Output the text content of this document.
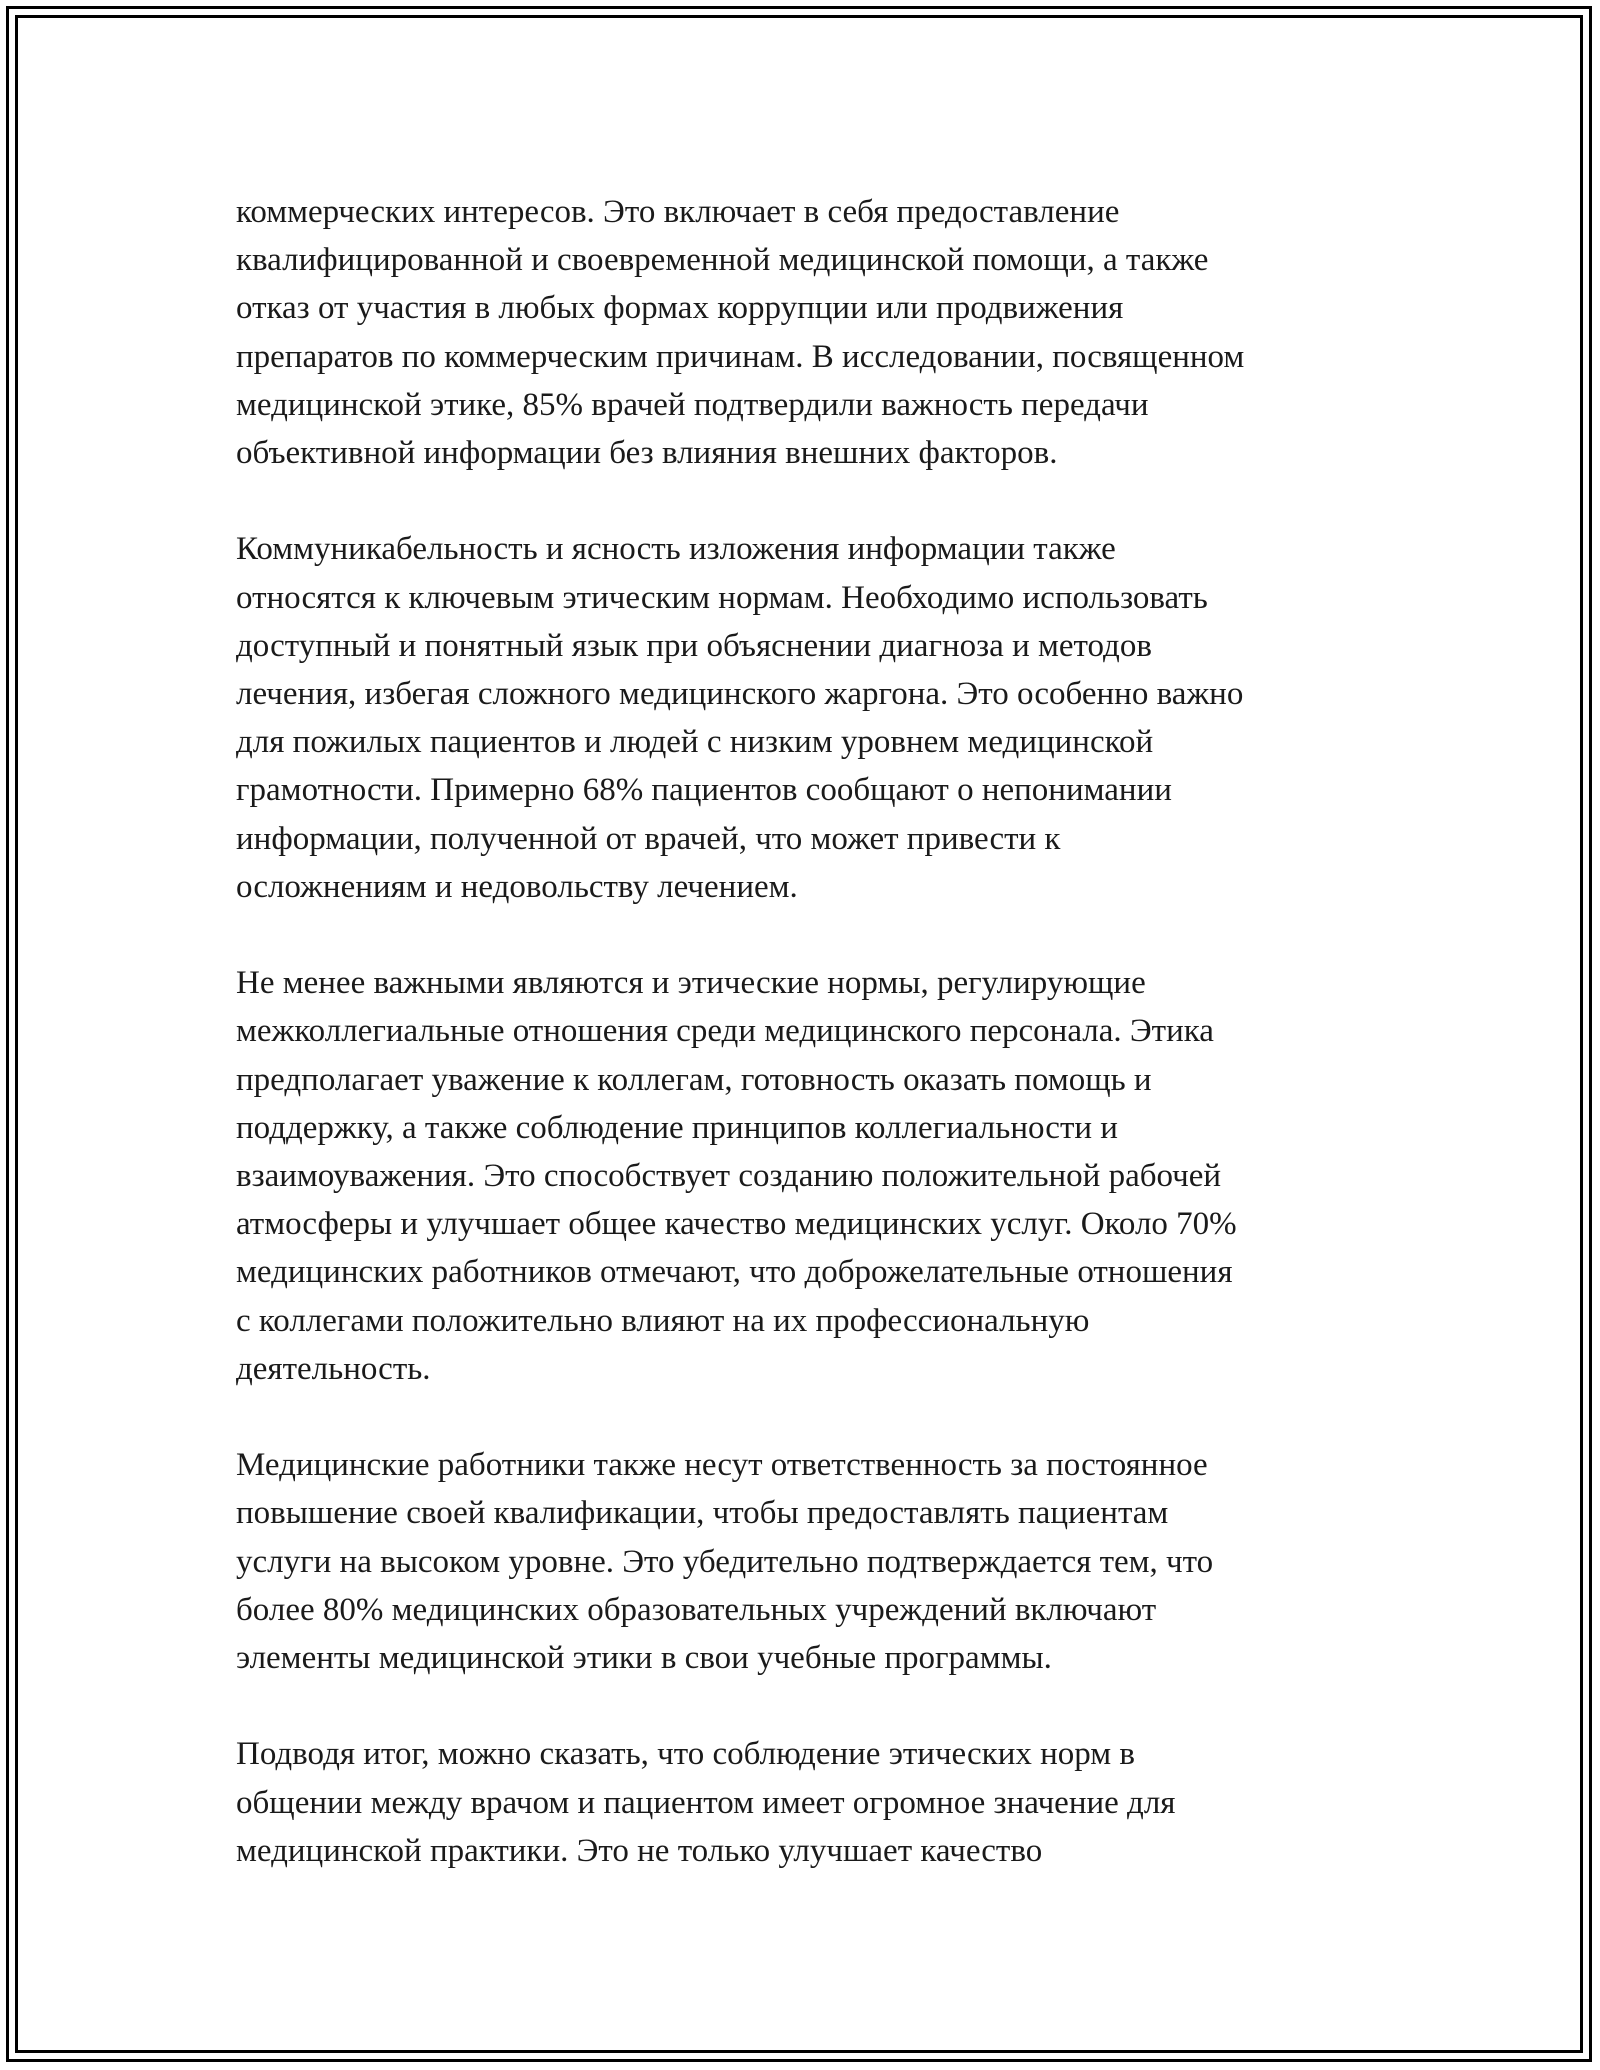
коммерческих интересов. Это включает в себя предоставление
квалифицированной и своевременной медицинской помощи, а также
отказ от участия в любых формах коррупции или продвижения
препаратов по коммерческим причинам. В исследовании, посвященном
медицинской этике, 85% врачей подтвердили важность передачи
объективной информации без влияния внешних факторов.

Коммуникабельность и ясность изложения информации также
относятся к ключевым этическим нормам. Необходимо использовать
доступный и понятный язык при объяснении диагноза и методов
лечения, избегая сложного медицинского жаргона. Это особенно важно
для пожилых пациентов и людей с низким уровнем медицинской
грамотности. Примерно 68% пациентов сообщают о непонимании
информации, полученной от врачей, что может привести к
осложнениям и недовольству лечением.

Не менее важными являются и этические нормы, регулирующие
межколлегиальные отношения среди медицинского персонала. Этика
предполагает уважение к коллегам, готовность оказать помощь и
поддержку, а также соблюдение принципов коллегиальности и
взаимоуважения. Это способствует созданию положительной рабочей
атмосферы и улучшает общее качество медицинских услуг. Около 70%
медицинских работников отмечают, что доброжелательные отношения
с коллегами положительно влияют на их профессиональную
деятельность.

Медицинские работники также несут ответственность за постоянное
повышение своей квалификации, чтобы предоставлять пациентам
услуги на высоком уровне. Это убедительно подтверждается тем, что
более 80% медицинских образовательных учреждений включают
элементы медицинской этики в свои учебные программы.

Подводя итог, можно сказать, что соблюдение этических норм в
общении между врачом и пациентом имеет огромное значение для
медицинской практики. Это не только улучшает качество
